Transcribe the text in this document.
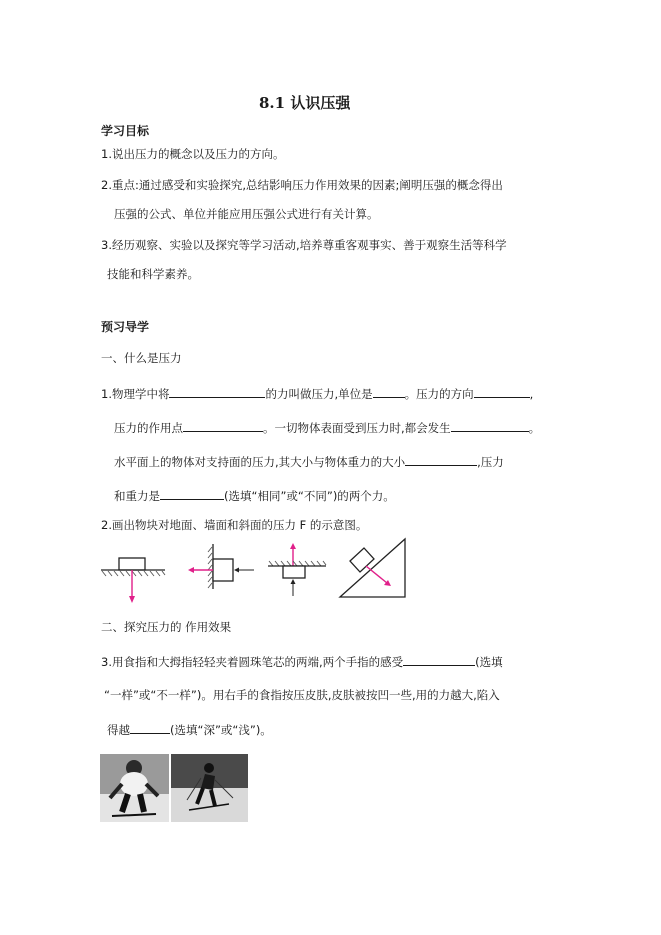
8.1 认识压强
学习目标
1.说出压力的概念以及压力的方向。
2.重点:通过感受和实验探究,总结影响压力作用效果的因素;阐明压强的概念得出
压强的公式、单位并能应用压强公式进行有关计算。
3.经历观察、实验以及探究等学习活动,培养尊重客观事实、善于观察生活等科学
技能和科学素养。
预习导学
一、什么是压力
1.物理学中将	的力叫做压力,单位是	。压力的方向	,
压力的作用点	。一切物体表面受到压力时,都会发生	。
水平面上的物体对支持面的压力,其大小与物体重力的大小	,压力
和重力是	(选填“相同”或“不同”)的两个力。
2.画出物块对地面、墙面和斜面的压力 F 的示意图。
二、探究压力的 作用效果
3.用食指和大拇指轻轻夹着圆珠笔芯的两端,两个手指的感受	(选填
“一样”或“不一样”)。用右手的食指按压皮肤,皮肤被按凹一些,用的力越大,陷入
得越	(选填“深”或“浅”)。
